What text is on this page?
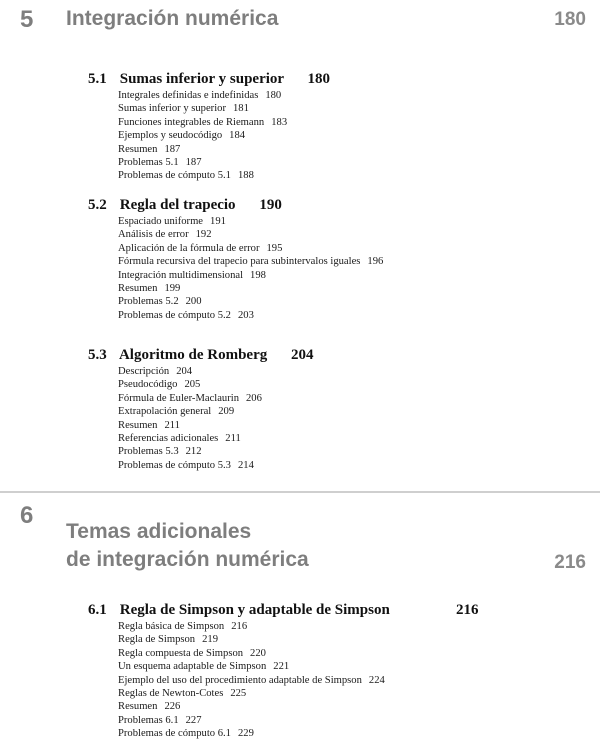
5 Integración numérica	180
5.1 Sumas inferior y superior 180
Integrales definidas e indefinidas 180
Sumas inferior y superior 181
Funciones integrables de Riemann 183
Ejemplos y seudocódigo 184
Resumen 187
Problemas 5.1 187
Problemas de cómputo 5.1 188
5.2 Regla del trapecio 190
Espaciado uniforme 191
Análisis de error 192
Aplicación de la fórmula de error 195
Fórmula recursiva del trapecio para subintervalos iguales 196
Integración multidimensional 198
Resumen 199
Problemas 5.2 200
Problemas de cómputo 5.2 203
5.3 Algoritmo de Romberg 204
Descripción 204
Pseudocódigo 205
Fórmula de Euler-Maclaurin 206
Extrapolación general 209
Resumen 211
Referencias adicionales 211
Problemas 5.3 212
Problemas de cómputo 5.3 214
6
Temas adicionales
de integración numérica	216
6.1 Regla de Simpson y adaptable de Simpson	216
Regla básica de Simpson 216
Regla de Simpson 219
Regla compuesta de Simpson 220
Un esquema adaptable de Simpson 221
Ejemplo del uso del procedimiento adaptable de Simpson 224
Reglas de Newton-Cotes 225
Resumen 226
Problemas 6.1 227
Problemas de cómputo 6.1 229
